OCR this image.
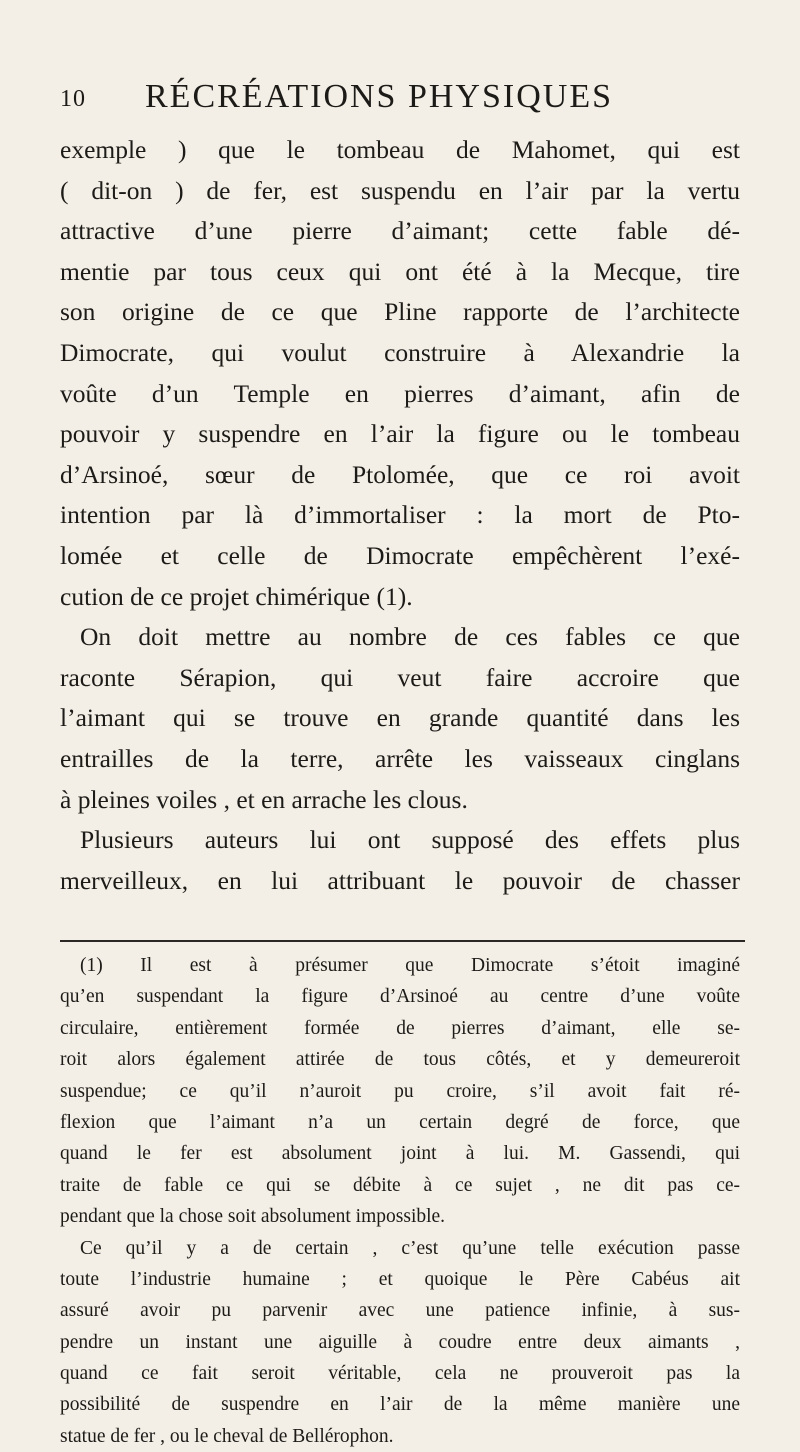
10 RÉCRÉATIONS PHYSIQUES
exemple ) que le tombeau de Mahomet, qui est
( dit-on ) de fer, est suspendu en l’air par la vertu
attractive d’une pierre d’aimant; cette fable dé-
mentie par tous ceux qui ont été à la Mecque, tire
son origine de ce que Pline rapporte de l’architecte
Dimocrate, qui voulut construire à Alexandrie la
voûte d’un Temple en pierres d’aimant, afin de
pouvoir y suspendre en l’air la figure ou le tombeau
d’Arsinoé, sœur de Ptolomée, que ce roi avoit
intention par là d’immortaliser : la mort de Pto-
lomée et celle de Dimocrate empêchèrent l’exé-
cution de ce projet chimérique (1).
On doit mettre au nombre de ces fables ce que
raconte Sérapion, qui veut faire accroire que
l’aimant qui se trouve en grande quantité dans les
entrailles de la terre, arrête les vaisseaux cinglans
à pleines voiles , et en arrache les clous.
Plusieurs auteurs lui ont supposé des effets plus
merveilleux, en lui attribuant le pouvoir de chasser
(1) Il est à présumer que Dimocrate s’étoit imaginé
qu’en suspendant la figure d’Arsinoé au centre d’une voûte
circulaire, entièrement formée de pierres d’aimant, elle se-
roit alors également attirée de tous côtés, et y demeureroit
suspendue; ce qu’il n’auroit pu croire, s’il avoit fait ré-
flexion que l’aimant n’a un certain degré de force, que
quand le fer est absolument joint à lui. M. Gassendi, qui
traite de fable ce qui se débite à ce sujet , ne dit pas ce-
pendant que la chose soit absolument impossible.
Ce qu’il y a de certain , c’est qu’une telle exécution passe
toute l’industrie humaine ; et quoique le Père Cabéus ait
assuré avoir pu parvenir avec une patience infinie, à sus-
pendre un instant une aiguille à coudre entre deux aimants ,
quand ce fait seroit véritable, cela ne prouveroit pas la
possibilité de suspendre en l’air de la même manière une
statue de fer , ou le cheval de Bellérophon.
